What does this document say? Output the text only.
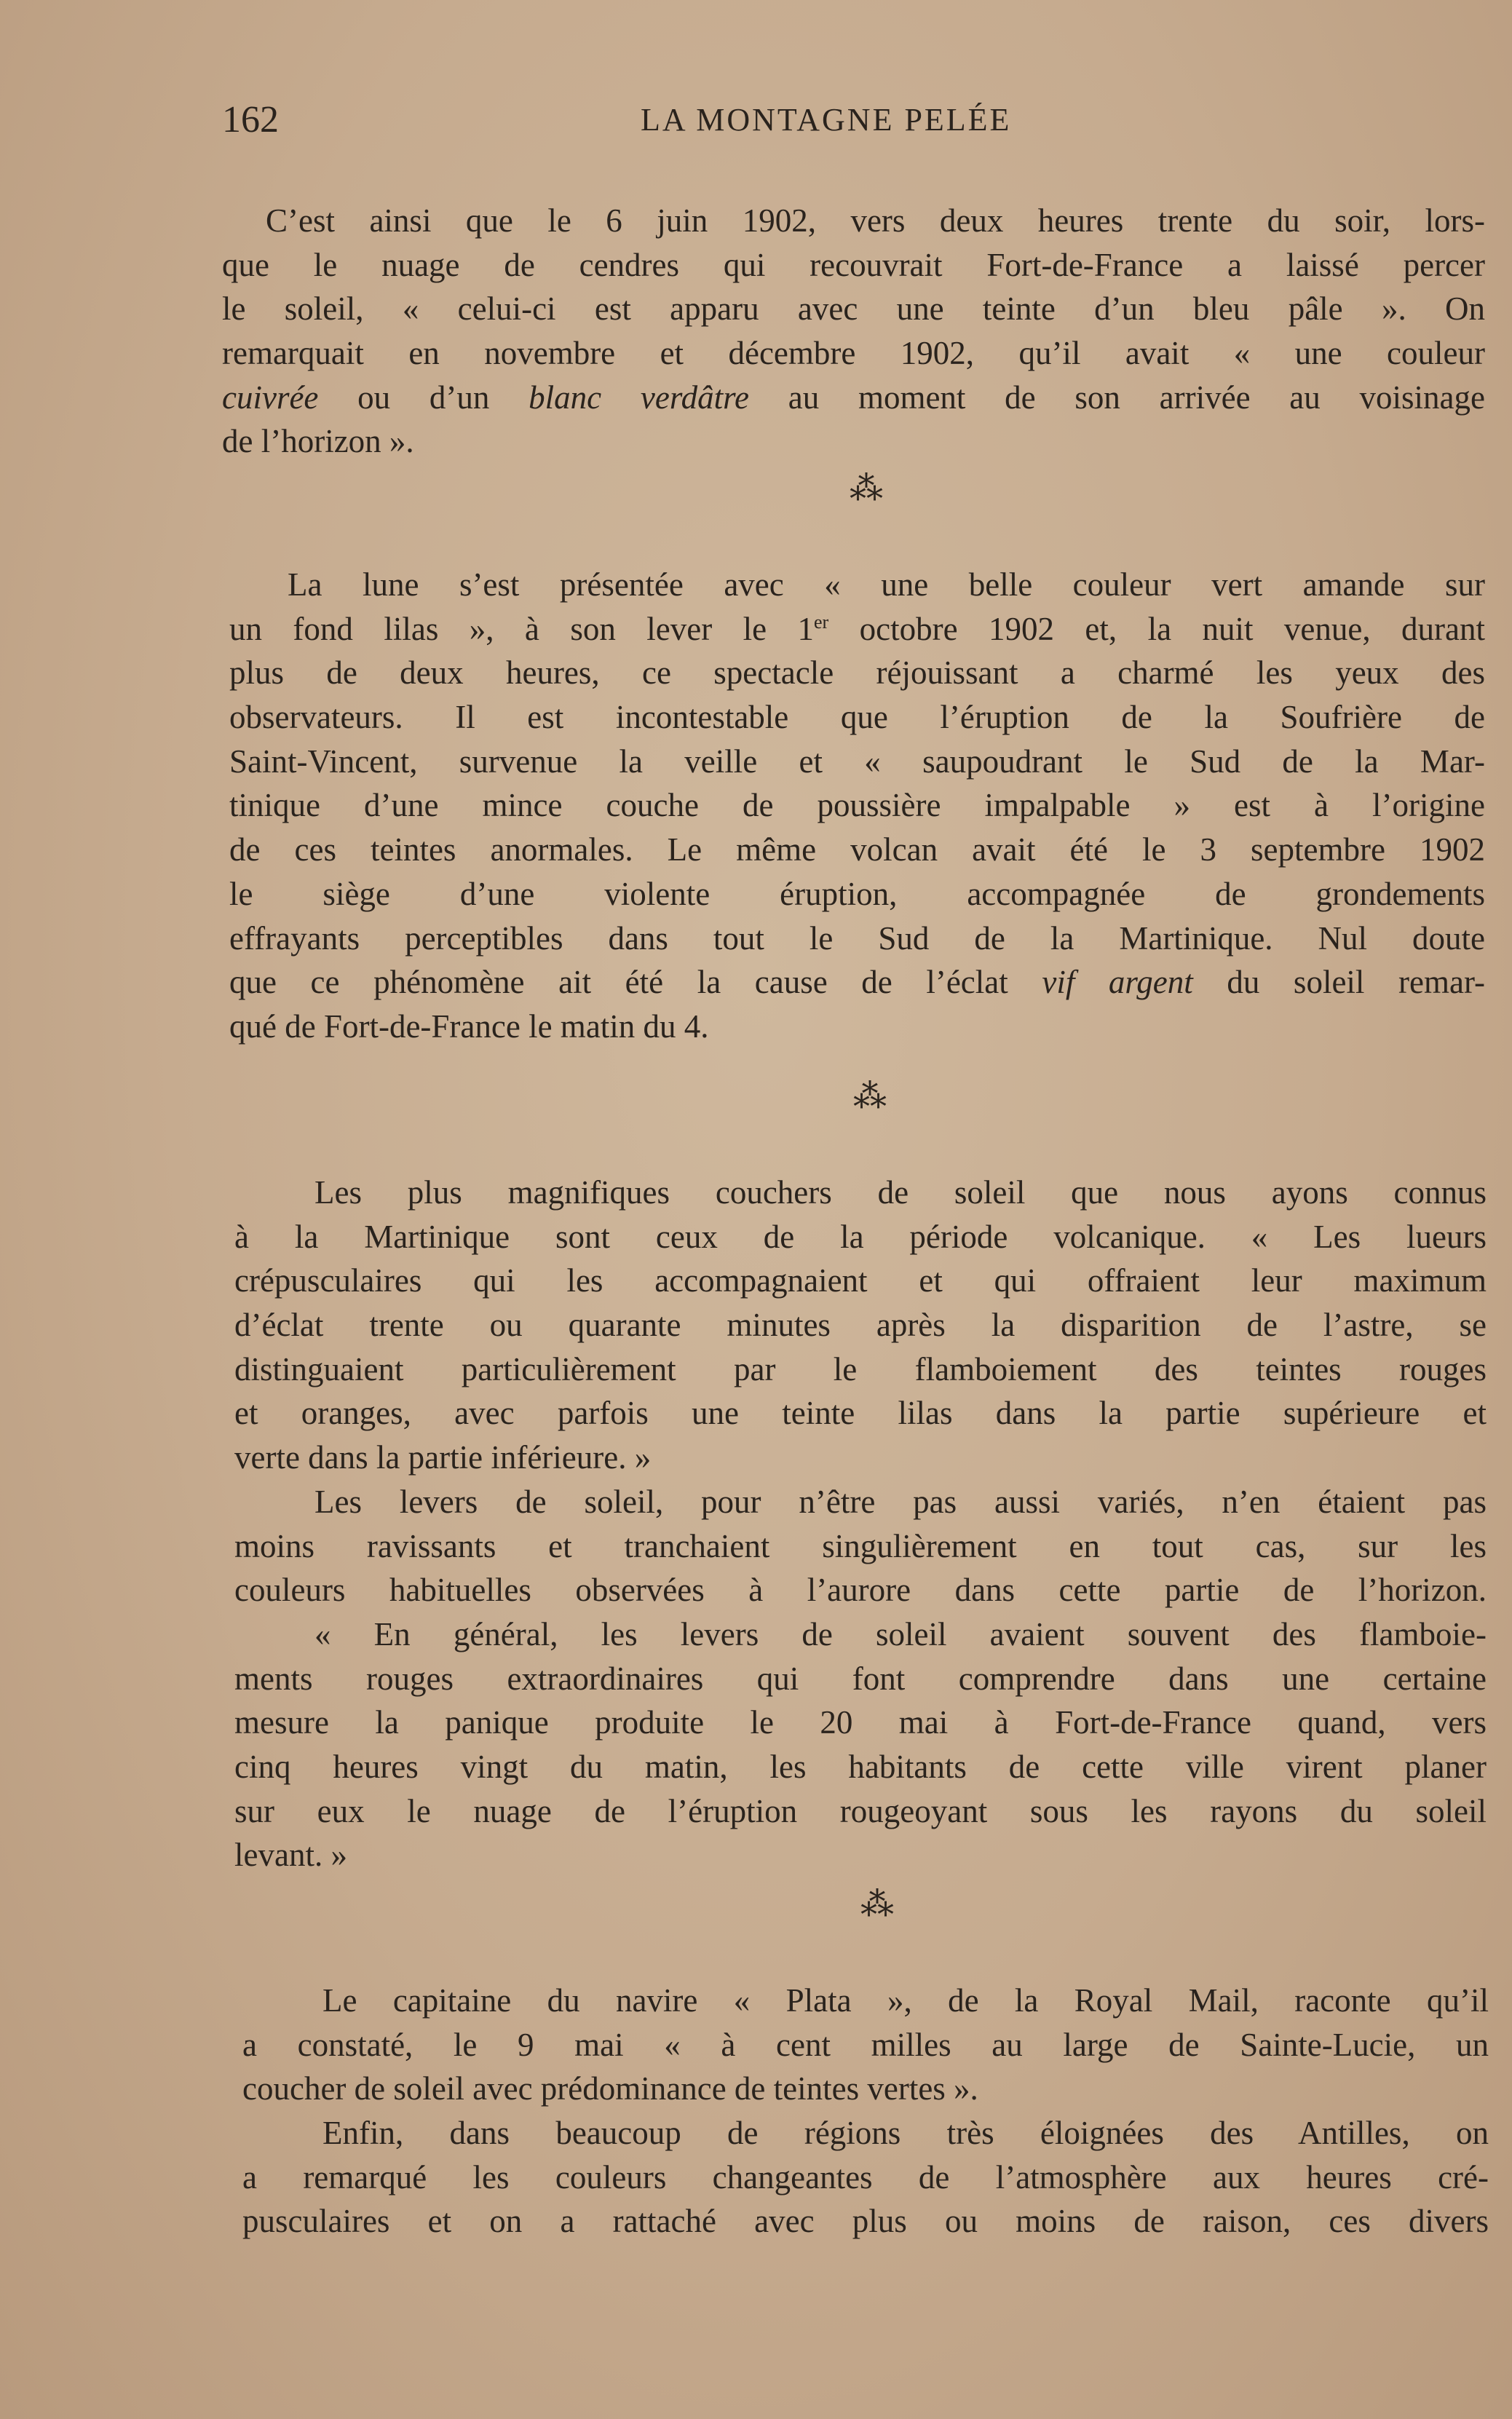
162	LA MONTAGNE PELÉE
C’est ainsi que le 6 juin 1902, vers deux heures trente du soir, lors-
que le nuage de cendres qui recouvrait Fort-de-France a laissé percer
le soleil, « celui-ci est apparu avec une teinte d’un bleu pâle ». On
remarquait en novembre et décembre 1902, qu’il avait « une couleur
cuivrée ou d’un blanc verdâtre au moment de son arrivée au voisinage
de l’horizon ».
⁂
La lune s’est présentée avec « une belle couleur vert amande sur
un fond lilas », à son lever le 1er octobre 1902 et, la nuit venue, durant
plus de deux heures, ce spectacle réjouissant a charmé les yeux des
observateurs. Il est incontestable que l’éruption de la Soufrière de
Saint-Vincent, survenue la veille et « saupoudrant le Sud de la Mar-
tinique d’une mince couche de poussière impalpable » est à l’origine
de ces teintes anormales. Le même volcan avait été le 3 septembre 1902
le siège d’une violente éruption, accompagnée de grondements
effrayants perceptibles dans tout le Sud de la Martinique. Nul doute
que ce phénomène ait été la cause de l’éclat vif argent du soleil remar-
qué de Fort-de-France le matin du 4.
⁂
Les plus magnifiques couchers de soleil que nous ayons connus
à la Martinique sont ceux de la période volcanique. « Les lueurs
crépusculaires qui les accompagnaient et qui offraient leur maximum
d’éclat trente ou quarante minutes après la disparition de l’astre, se
distinguaient particulièrement par le flamboiement des teintes rouges
et oranges, avec parfois une teinte lilas dans la partie supérieure et
verte dans la partie inférieure. »
Les levers de soleil, pour n’être pas aussi variés, n’en étaient pas
moins ravissants et tranchaient singulièrement en tout cas, sur les
couleurs habituelles observées à l’aurore dans cette partie de l’horizon.
« En général, les levers de soleil avaient souvent des flamboie-
ments rouges extraordinaires qui font comprendre dans une certaine
mesure la panique produite le 20 mai à Fort-de-France quand, vers
cinq heures vingt du matin, les habitants de cette ville virent planer
sur eux le nuage de l’éruption rougeoyant sous les rayons du soleil
levant. »
⁂
Le capitaine du navire « Plata », de la Royal Mail, raconte qu’il
a constaté, le 9 mai « à cent milles au large de Sainte-Lucie, un
coucher de soleil avec prédominance de teintes vertes ».
Enfin, dans beaucoup de régions très éloignées des Antilles, on
a remarqué les couleurs changeantes de l’atmosphère aux heures cré-
pusculaires et on a rattaché avec plus ou moins de raison, ces divers
